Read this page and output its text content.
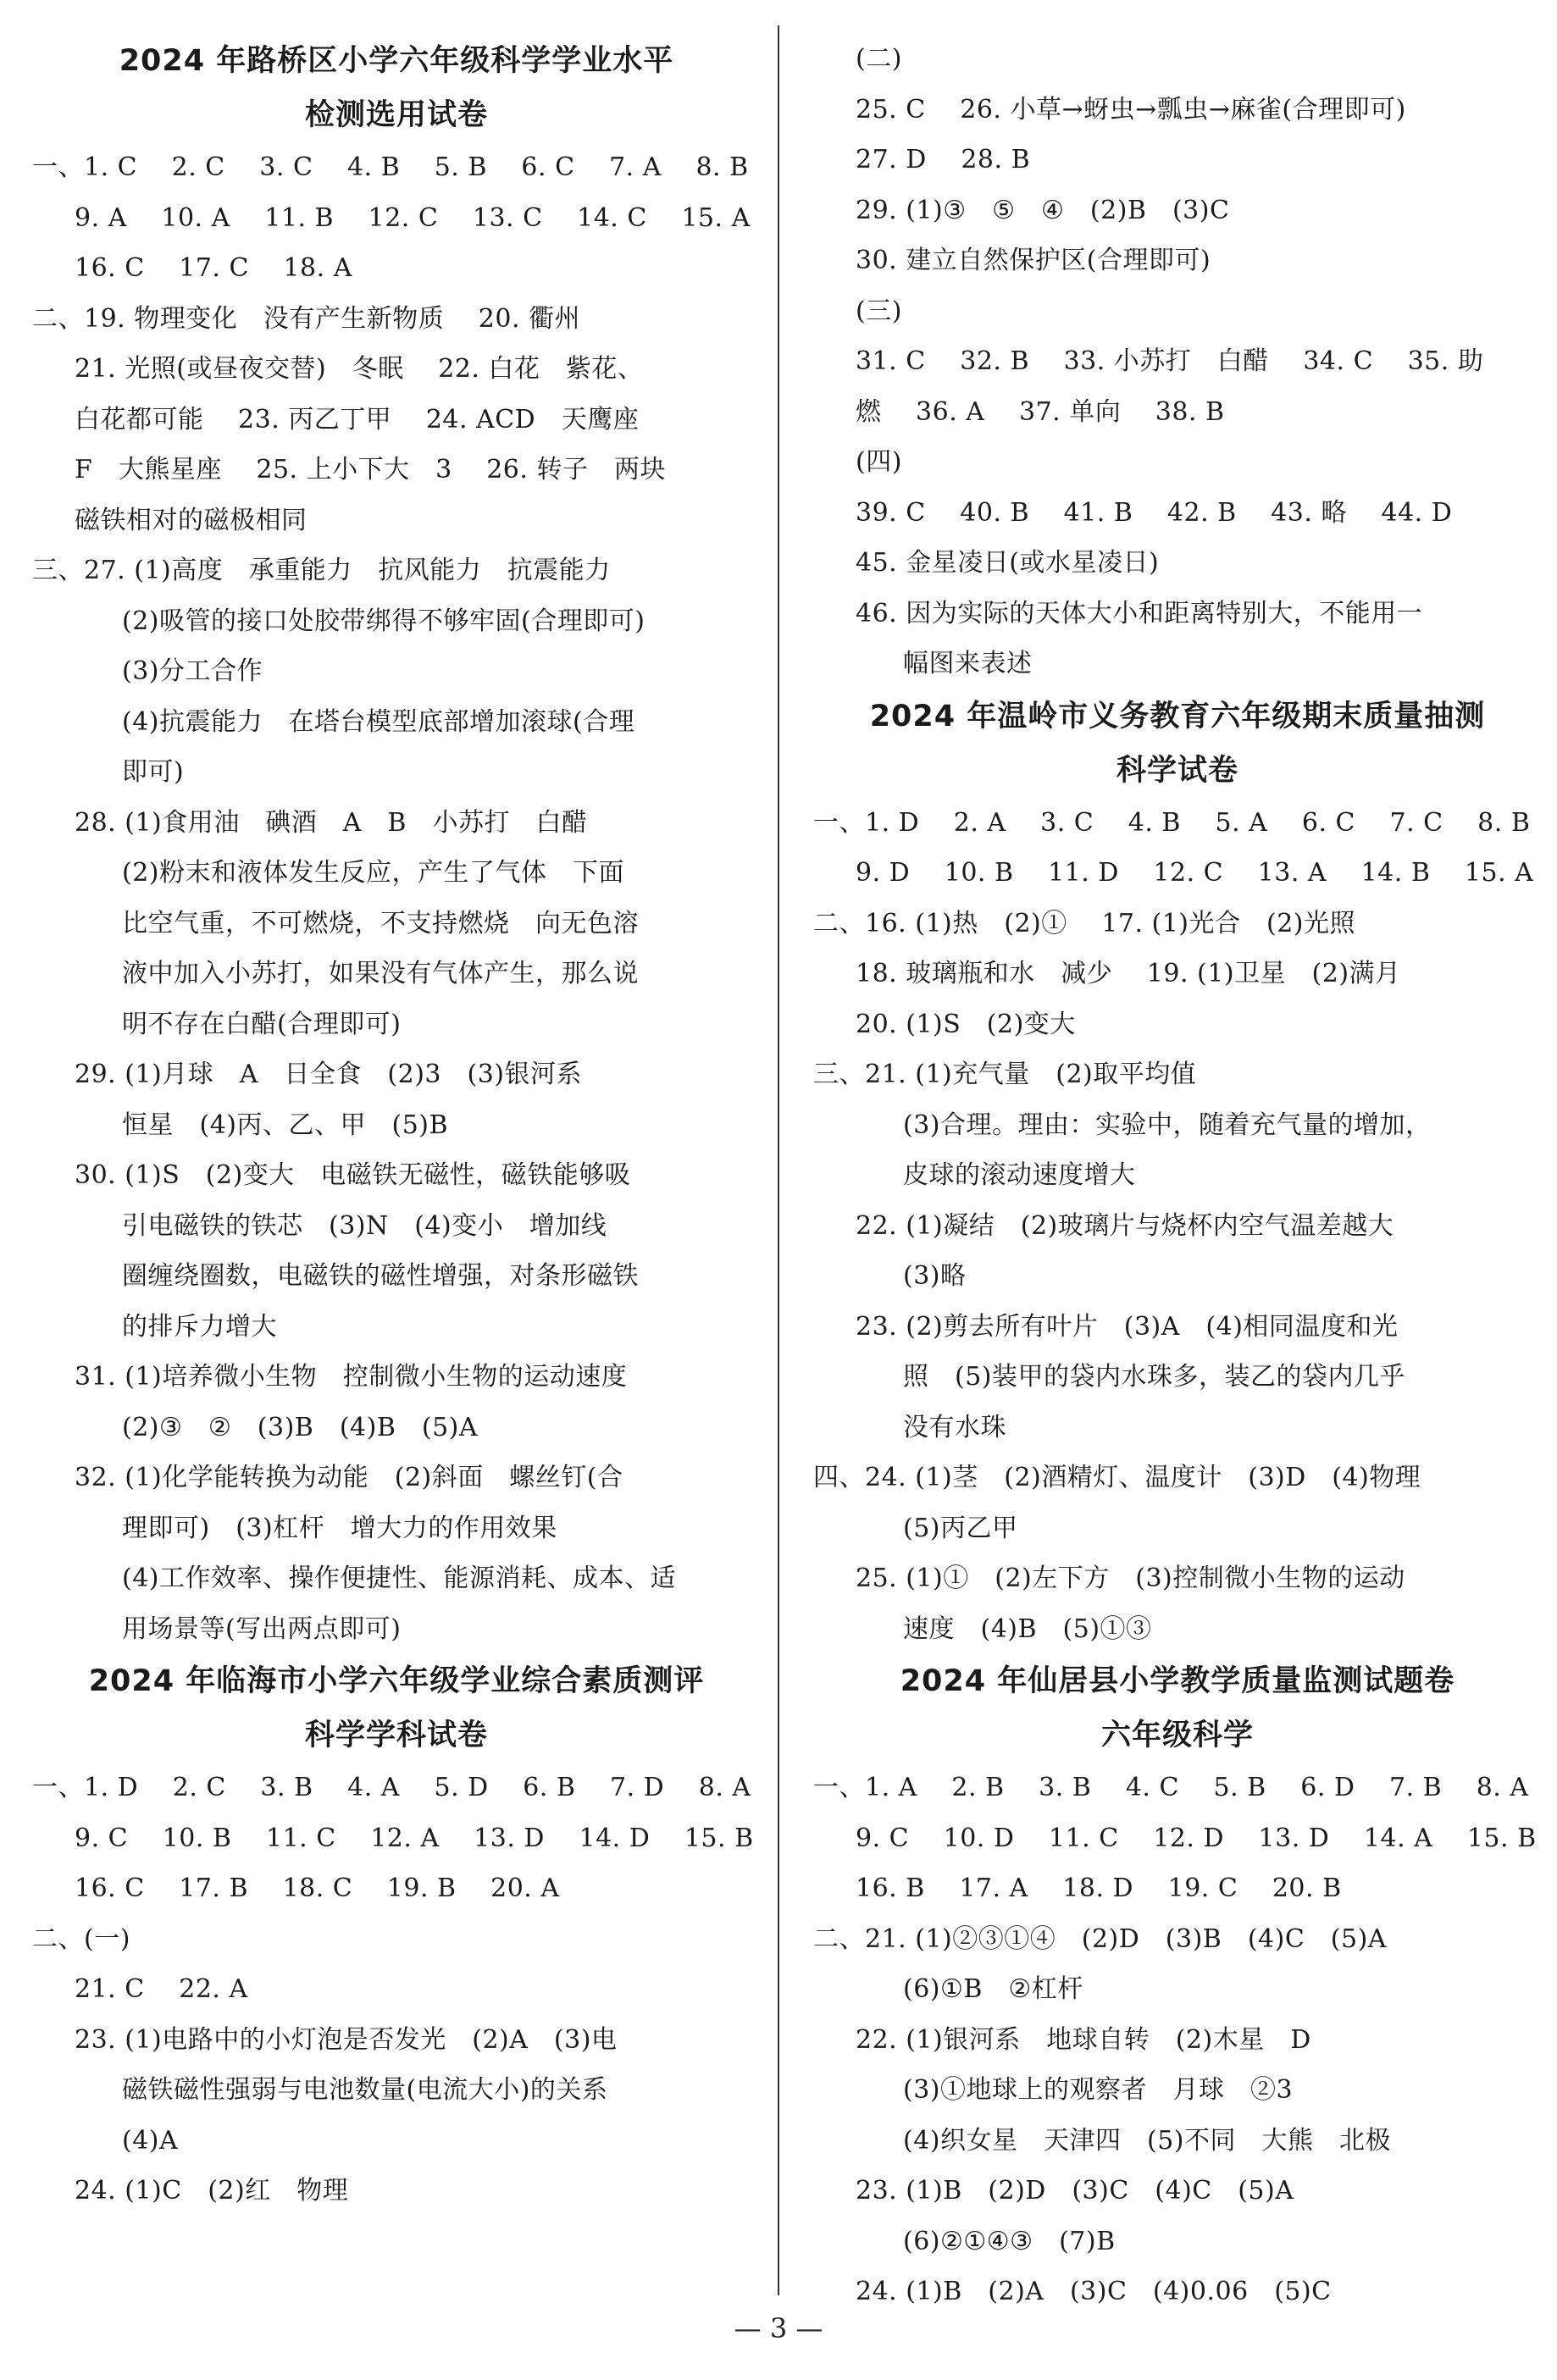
2024 年路桥区小学六年级科学学业水平
检测选用试卷
一、1. C　 2. C　 3. C　 4. B　 5. B　 6. C　 7. A　 8. B
9. A　 10. A　 11. B　 12. C　 13. C　 14. C　 15. A
16. C　 17. C　 18. A
二、19. 物理变化　没有产生新物质　 20. 衢州
21. 光照(或昼夜交替)　冬眠　 22. 白花　紫花、
白花都可能　 23. 丙乙丁甲　 24. ACD　天鹰座
F　大熊星座　 25. 上小下大　3　 26. 转子　两块
磁铁相对的磁极相同
三、27. (1)高度　承重能力　抗风能力　抗震能力
(2)吸管的接口处胶带绑得不够牢固(合理即可)
(3)分工合作
(4)抗震能力　在塔台模型底部增加滚球(合理
即可)
28. (1)食用油　碘酒　A　B　小苏打　白醋
(2)粉末和液体发生反应，产生了气体　下面
比空气重，不可燃烧，不支持燃烧　向无色溶
液中加入小苏打，如果没有气体产生，那么说
明不存在白醋(合理即可)
29. (1)月球　A　日全食　(2)3　(3)银河系
恒星　(4)丙、乙、甲　(5)B
30. (1)S　(2)变大　电磁铁无磁性，磁铁能够吸
引电磁铁的铁芯　(3)N　(4)变小　增加线
圈缠绕圈数，电磁铁的磁性增强，对条形磁铁
的排斥力增大
31. (1)培养微小生物　控制微小生物的运动速度
(2)③　②　(3)B　(4)B　(5)A
32. (1)化学能转换为动能　(2)斜面　螺丝钉(合
理即可)　(3)杠杆　增大力的作用效果
(4)工作效率、操作便捷性、能源消耗、成本、适
用场景等(写出两点即可)
2024 年临海市小学六年级学业综合素质测评
科学学科试卷
一、1. D　 2. C　 3. B　 4. A　 5. D　 6. B　 7. D　 8. A
9. C　 10. B　 11. C　 12. A　 13. D　 14. D　 15. B
16. C　 17. B　 18. C　 19. B　 20. A
二、(一)
21. C　 22. A
23. (1)电路中的小灯泡是否发光　(2)A　(3)电
磁铁磁性强弱与电池数量(电流大小)的关系
(4)A
24. (1)C　(2)红　物理
(二)
25. C　 26. 小草→蚜虫→瓢虫→麻雀(合理即可)
27. D　 28. B
29. (1)③　⑤　④　(2)B　(3)C
30. 建立自然保护区(合理即可)
(三)
31. C　 32. B　 33. 小苏打　白醋　 34. C　 35. 助
燃　 36. A　 37. 单向　 38. B
(四)
39. C　 40. B　 41. B　 42. B　 43. 略　 44. D
45. 金星凌日(或水星凌日)
46. 因为实际的天体大小和距离特别大，不能用一
幅图来表述
2024 年温岭市义务教育六年级期末质量抽测
科学试卷
一、1. D　 2. A　 3. C　 4. B　 5. A　 6. C　 7. C　 8. B
9. D　 10. B　 11. D　 12. C　 13. A　 14. B　 15. A
二、16. (1)热　(2)①　 17. (1)光合　(2)光照
18. 玻璃瓶和水　减少　 19. (1)卫星　(2)满月
20. (1)S　(2)变大
三、21. (1)充气量　(2)取平均值
(3)合理。理由：实验中，随着充气量的增加，
皮球的滚动速度增大
22. (1)凝结　(2)玻璃片与烧杯内空气温差越大
(3)略
23. (2)剪去所有叶片　(3)A　(4)相同温度和光
照　(5)装甲的袋内水珠多，装乙的袋内几乎
没有水珠
四、24. (1)茎　(2)酒精灯、温度计　(3)D　(4)物理
(5)丙乙甲
25. (1)①　(2)左下方　(3)控制微小生物的运动
速度　(4)B　(5)①③
2024 年仙居县小学教学质量监测试题卷
六年级科学
一、1. A　 2. B　 3. B　 4. C　 5. B　 6. D　 7. B　 8. A
9. C　 10. D　 11. C　 12. D　 13. D　 14. A　 15. B
16. B　 17. A　 18. D　 19. C　 20. B
二、21. (1)②③①④　(2)D　(3)B　(4)C　(5)A
(6)①B　②杠杆
22. (1)银河系　地球自转　(2)木星　D
(3)①地球上的观察者　月球　②3
(4)织女星　天津四　(5)不同　大熊　北极
23. (1)B　(2)D　(3)C　(4)C　(5)A
(6)②①④③　(7)B
24. (1)B　(2)A　(3)C　(4)0.06　(5)C
— 3 —
